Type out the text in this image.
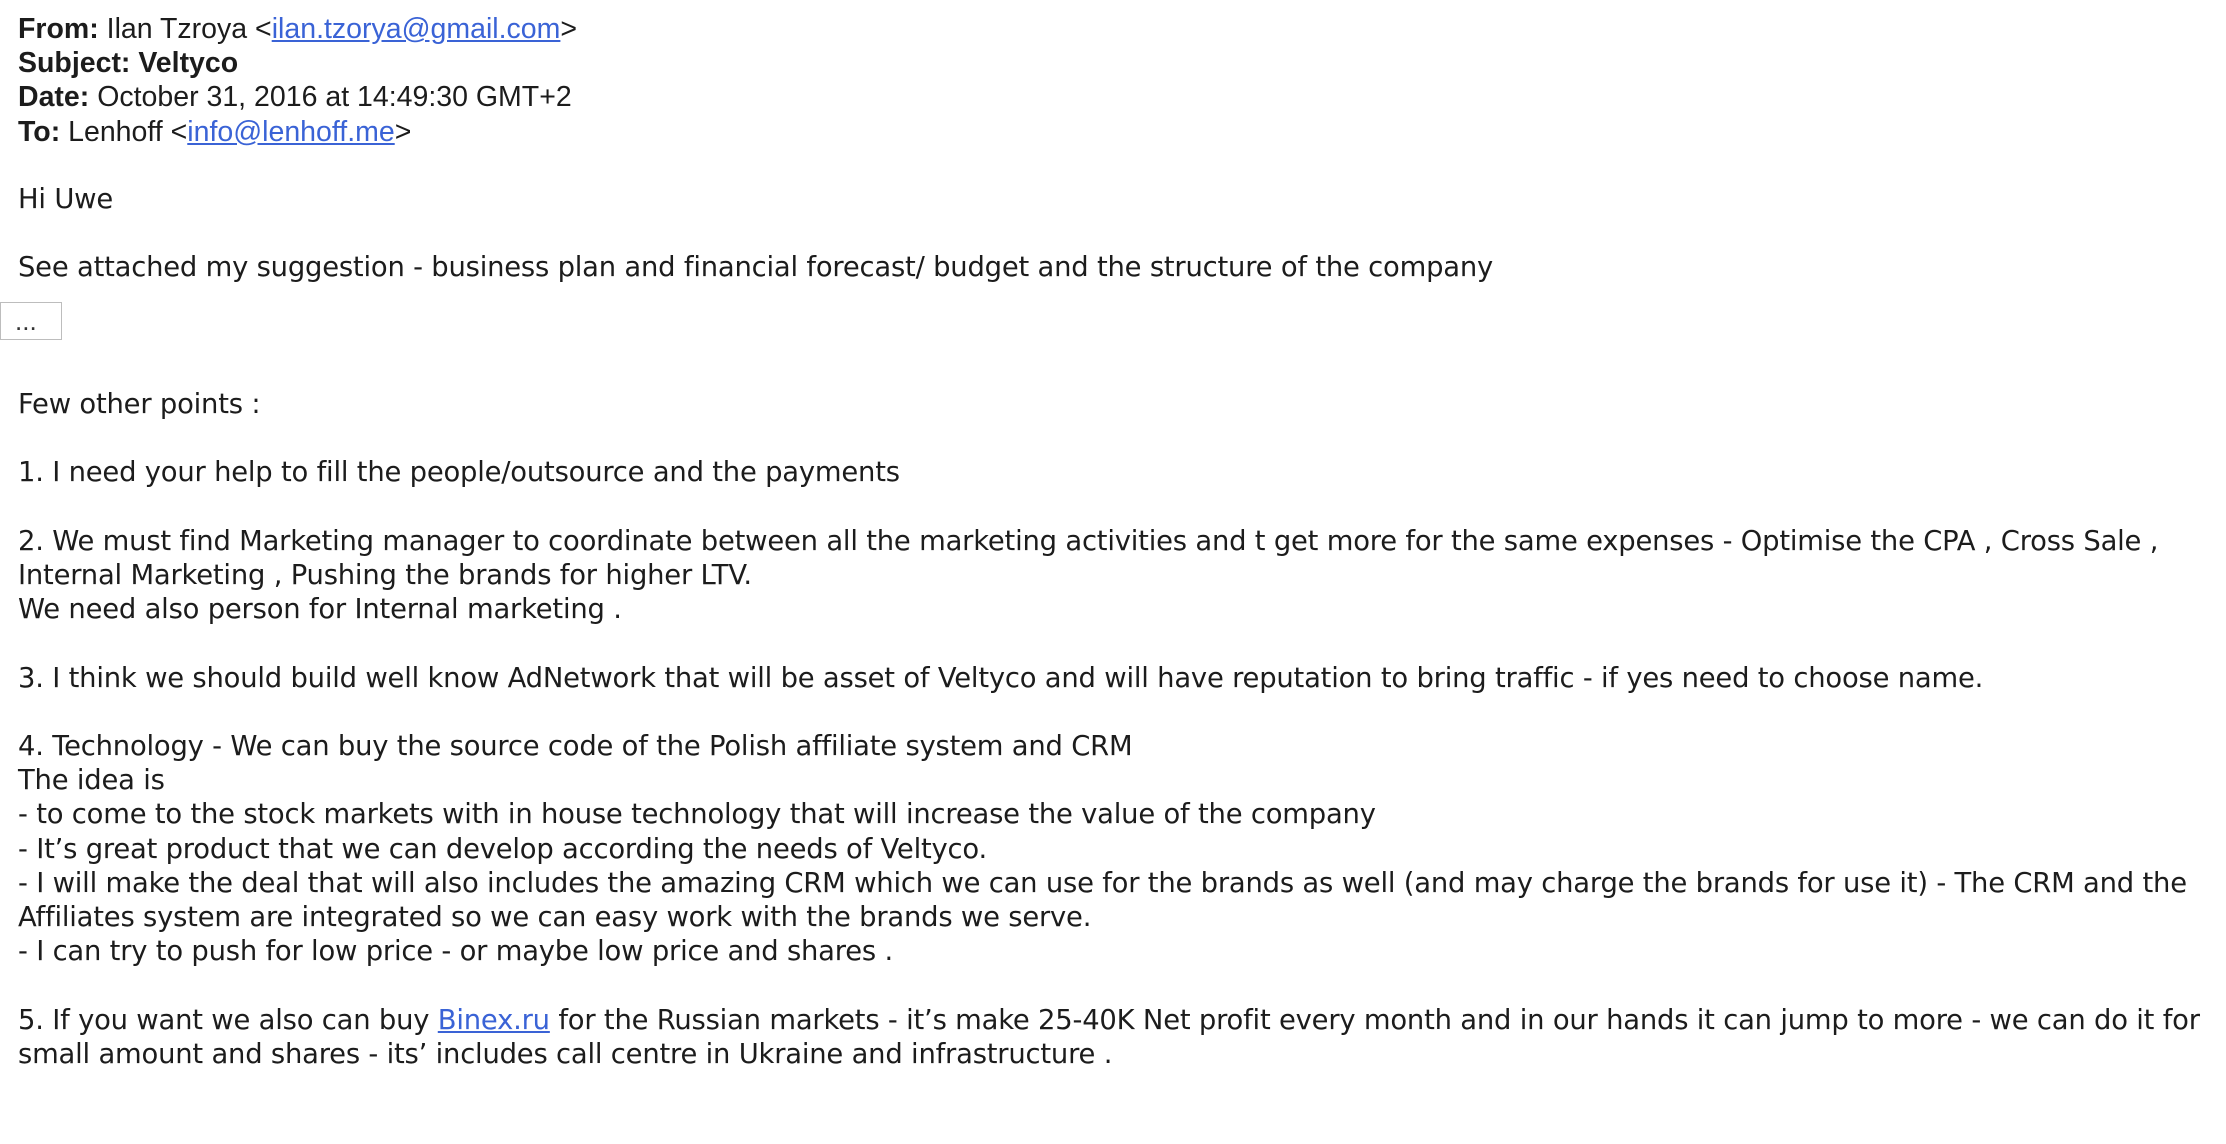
From: Ilan Tzroya <ilan.tzorya@gmail.com>
Subject: Veltyco
Date: October 31, 2016 at 14:49:30 GMT+2
To: Lenhoff <info@lenhoff.me>
Hi Uwe
See attached my suggestion - business plan and financial forecast/ budget and the structure of the company
...
Few other points :
1. I need your help to fill the people/outsource and the payments
2. We must find Marketing manager to coordinate between all the marketing activities and t get more for the same expenses - Optimise the CPA , Cross Sale , Internal Marketing , Pushing the brands for higher LTV.
We need also person for Internal marketing .
3. I think we should build well know AdNetwork that will be asset of Veltyco and will have reputation to bring traffic - if yes need to choose name.
4. Technology - We can buy the source code of the Polish affiliate system and CRM
The idea is
- to come to the stock markets with in house technology that will increase the value of the company
- It’s great product that we can develop according the needs of Veltyco.
- I will make the deal that will also includes the amazing CRM which we can use for the brands as well (and may charge the brands for use it) - The CRM and the Affiliates system are integrated so we can easy work with the brands we serve.
- I can try to push for low price - or maybe low price and shares .
5. If you want we also can buy Binex.ru for the Russian markets - it’s make 25-40K Net profit every month and in our hands it can jump to more - we can do it for small amount and shares - its’ includes call centre in Ukraine and infrastructure .
